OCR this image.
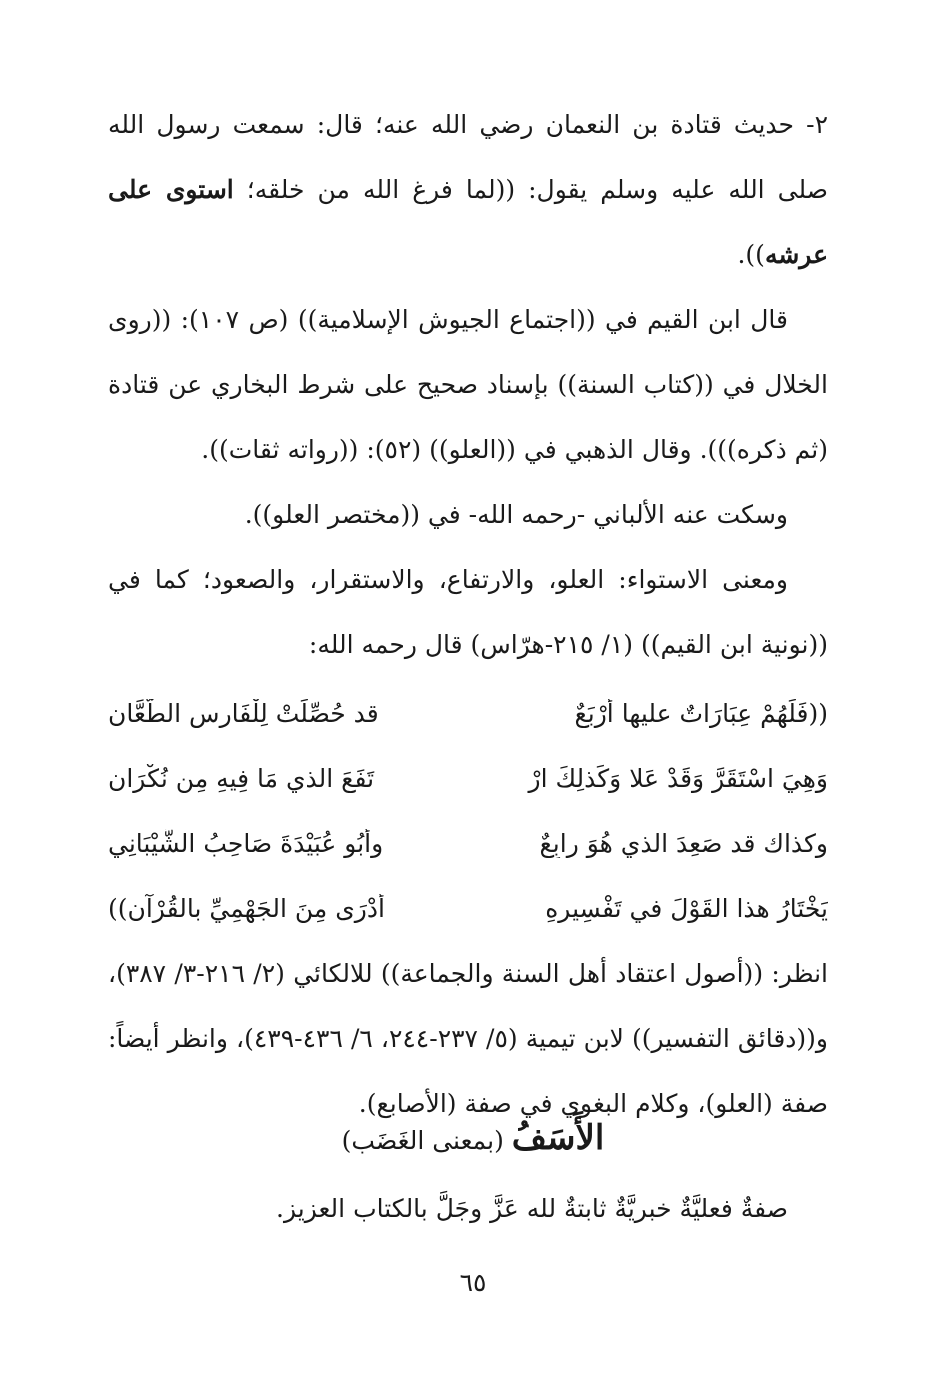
٢- حديث قتادة بن النعمان رضي الله عنه؛ قال: سمعت رسول الله صلى الله عليه وسلم يقول: ((لما فرغ الله من خلقه؛ استوى على عرشه)).

قال ابن القيم في ((اجتماع الجيوش الإسلامية)) (ص ١٠٧): ((روى الخلال في ((كتاب السنة)) بإسناد صحيح على شرط البخاري عن قتادة (ثم ذكره))). وقال الذهبي في ((العلو)) (٥٢): ((رواته ثقات)).

وسكت عنه الألباني -رحمه الله- في ((مختصر العلو)).

ومعنى الاستواء: العلو، والارتفاع، والاستقرار، والصعود؛ كما في ((نونية ابن القيم)) (١/ ٢١٥-هرّاس) قال رحمه الله:

((فَلَهُمْ عِبَارَاتٌ عليها أرْبَعٌ
قد حُصِّلَتْ لِلْفَارِسِ الطَّعَّانِ
وَهِيَ اسْتَقَرَّ وَقَدْ عَلا وَكَذلِكَ ارْ
تَفَعَ الذي مَا فِيهِ مِن نُكْرَانِ
وكذاك قد صَعِدَ الذي هُوَ رابِعٌ
وأبُو عُبَيْدَةَ صَاحِبُ الشَّيْبَانِي
يَخْتَارُ هذا القَوْلَ في تَفْسِيرِهِ
أدْرَى مِنَ الجَهْمِيِّ بالقُرْآنِ))

انظر: ((أصول اعتقاد أهل السنة والجماعة)) للالكائي (٢/ ٢١٦-٣/ ٣٨٧)، و((دقائق التفسير)) لابن تيمية (٥/ ٢٣٧-٢٤٤، ٦/ ٤٣٦-٤٣٩)، وانظر أيضاً: صفة (العلو)، وكلام البغوي في صفة (الأصابع).

الأَسَفُ (بمعنى الغَضَب)
صفةٌ فعليَّةٌ خبريَّةٌ ثابتةٌ لله عَزَّ وجَلَّ بالكتاب العزيز.
٦٥
